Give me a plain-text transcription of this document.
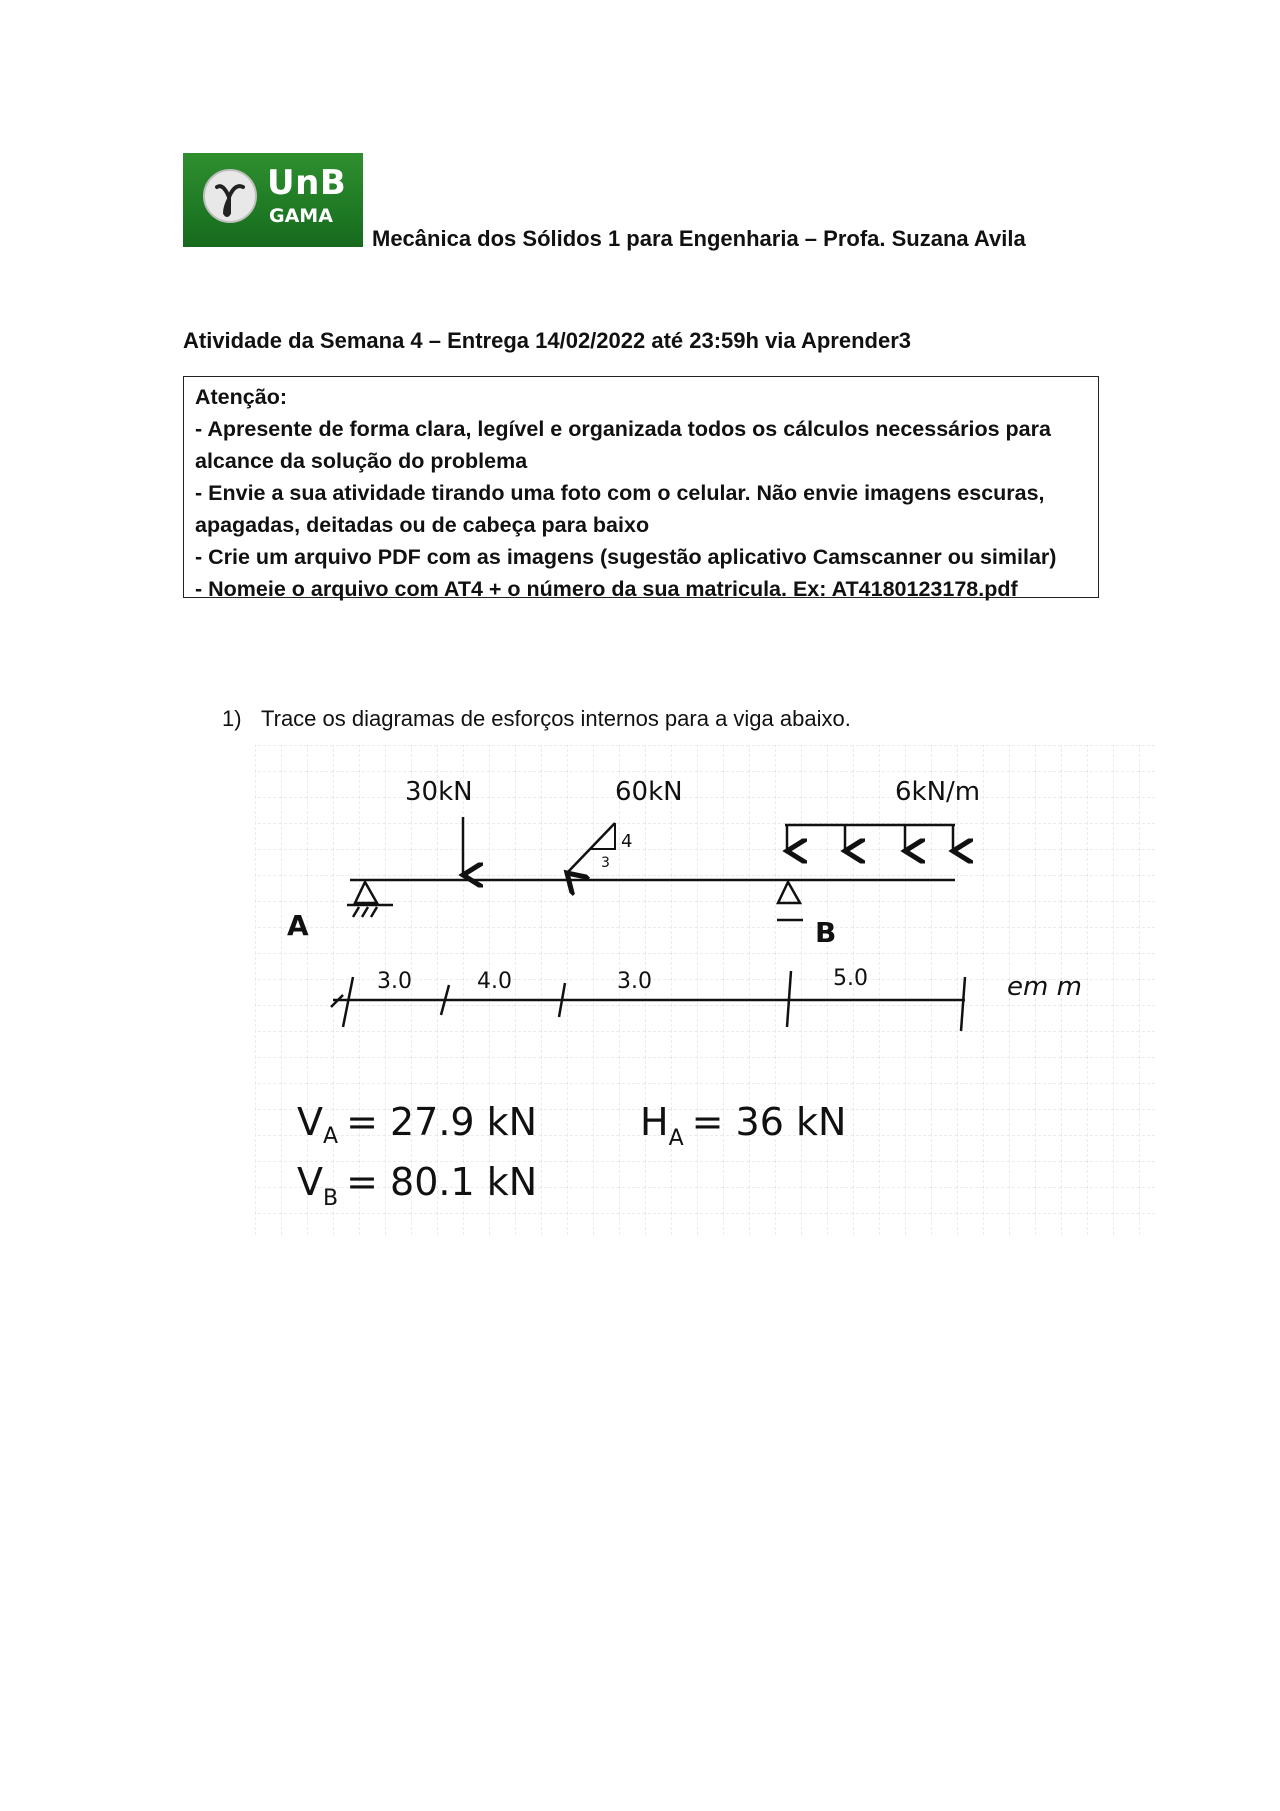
UnB
GAMA
Mecânica dos Sólidos 1 para Engenharia – Profa. Suzana Avila
Atividade da Semana 4 – Entrega 14/02/2022 até 23:59h via Aprender3
Atenção:
- Apresente de forma clara, legível e organizada todos os cálculos necessários para
alcance da solução do problema
- Envie a sua atividade tirando uma foto com o celular. Não envie imagens escuras,
apagadas, deitadas ou de cabeça para baixo
- Crie um arquivo PDF com as imagens (sugestão aplicativo Camscanner ou similar)
- Nomeie o arquivo com AT4 + o número da sua matricula. Ex: AT4180123178.pdf
1) Trace os diagramas de esforços internos para a viga abaixo.
A	B
30kN	60kN
4
3
6kN/m
3.0	4.0	3.0	5.0	em m
$V_A = 27.9$ kN	$H_A = 36$ kN
$V_B = 80.1$ kN
